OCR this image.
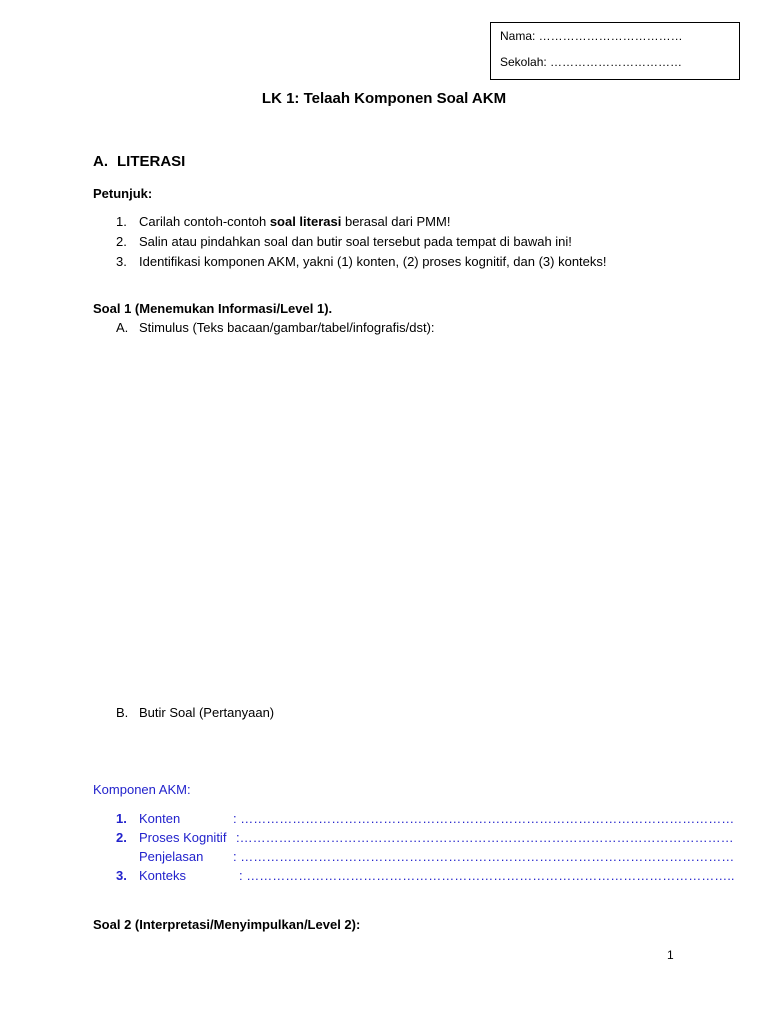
Nama: ………………………………
Sekolah: ……………………………
LK 1: Telaah Komponen Soal AKM
A. LITERASI
Petunjuk:
1. Carilah contoh-contoh soal literasi berasal dari PMM!
2. Salin atau pindahkan soal dan butir soal tersebut pada tempat di bawah ini!
3. Identifikasi komponen AKM, yakni (1) konten, (2) proses kognitif, dan (3) konteks!
Soal 1 (Menemukan Informasi/Level 1).
A. Stimulus (Teks bacaan/gambar/tabel/infografis/dst):
B. Butir Soal (Pertanyaan)
Komponen AKM:
1. Konten	: ……………………………………………………………………………………………………
2. Proses Kognitif :……………………………………………………………………………………………………
Penjelasan : ……………………………………………………………………………………………………
3. Konteks	: …………………………………………………………………………………………………..
Soal 2 (Interpretasi/Menyimpulkan/Level 2):
1
